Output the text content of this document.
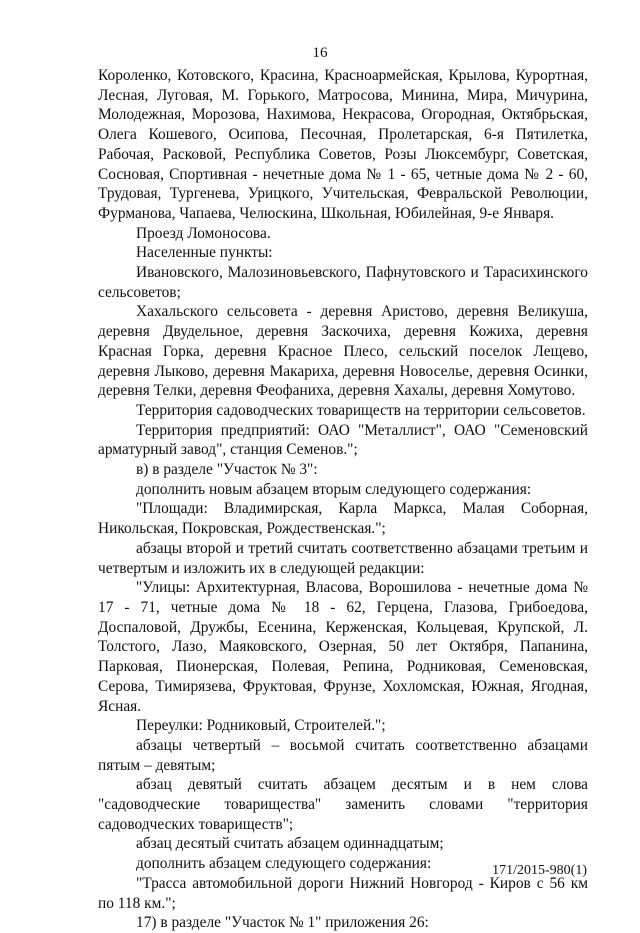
16

Короленко, Котовского, Красина, Красноармейская, Крылова, Курортная, Лесная, Луговая, М. Горького, Матросова, Минина, Мира, Мичурина, Молодежная, Морозова, Нахимова, Некрасова, Огородная, Октябрьская, Олега Кошевого, Осипова, Песочная, Пролетарская, 6-я Пятилетка, Рабочая, Расковой, Республика Советов, Розы Люксембург, Советская, Сосновая, Спортивная - нечетные дома № 1 - 65, четные дома № 2 - 60, Трудовая, Тургенева, Урицкого, Учительская, Февральской Революции, Фурманова, Чапаева, Челюскина, Школьная, Юбилейная, 9-е Января.

Проезд Ломоносова.

Населенные пункты:

Ивановского, Малозиновьевского, Пафнутовского и Тарасихинского сельсоветов;

Хахальского сельсовета - деревня Аристово, деревня Великуша, деревня Двудельное, деревня Заскочиха, деревня Кожиха, деревня Красная Горка, деревня Красное Плесо, сельский поселок Лещево, деревня Лыково, деревня Макариха, деревня Новоселье, деревня Осинки, деревня Телки, деревня Феофаниха, деревня Хахалы, деревня Хомутово.

Территория садоводческих товариществ на территории сельсоветов.

Территория предприятий: ОАО "Металлист", ОАО "Семеновский арматурный завод", станция Семенов.";

в) в разделе "Участок № 3":

дополнить новым абзацем вторым следующего содержания:

"Площади: Владимирская, Карла Маркса, Малая Соборная, Никольская, Покровская, Рождественская.";

абзацы второй и третий считать соответственно абзацами третьим и четвертым и изложить их в следующей редакции:

"Улицы: Архитектурная, Власова, Ворошилова - нечетные дома № 17 - 71, четные дома № 18 - 62, Герцена, Глазова, Грибоедова, Доспаловой, Дружбы, Есенина, Керженская, Кольцевая, Крупской, Л. Толстого, Лазо, Маяковского, Озерная, 50 лет Октября, Папанина, Парковая, Пионерская, Полевая, Репина, Родниковая, Семеновская, Серова, Тимирязева, Фруктовая, Фрунзе, Хохломская, Южная, Ягодная, Ясная.

Переулки: Родниковый, Строителей.";

абзацы четвертый – восьмой считать соответственно абзацами пятым – девятым;

абзац девятый считать абзацем десятым и в нем слова "садоводческие товарищества" заменить словами "территория садоводческих товариществ";

абзац десятый считать абзацем одиннадцатым;

дополнить абзацем следующего содержания:

"Трасса автомобильной дороги Нижний Новгород - Киров с 56 км по 118 км.";

17) в разделе "Участок № 1" приложения 26:

171/2015-980(1)
